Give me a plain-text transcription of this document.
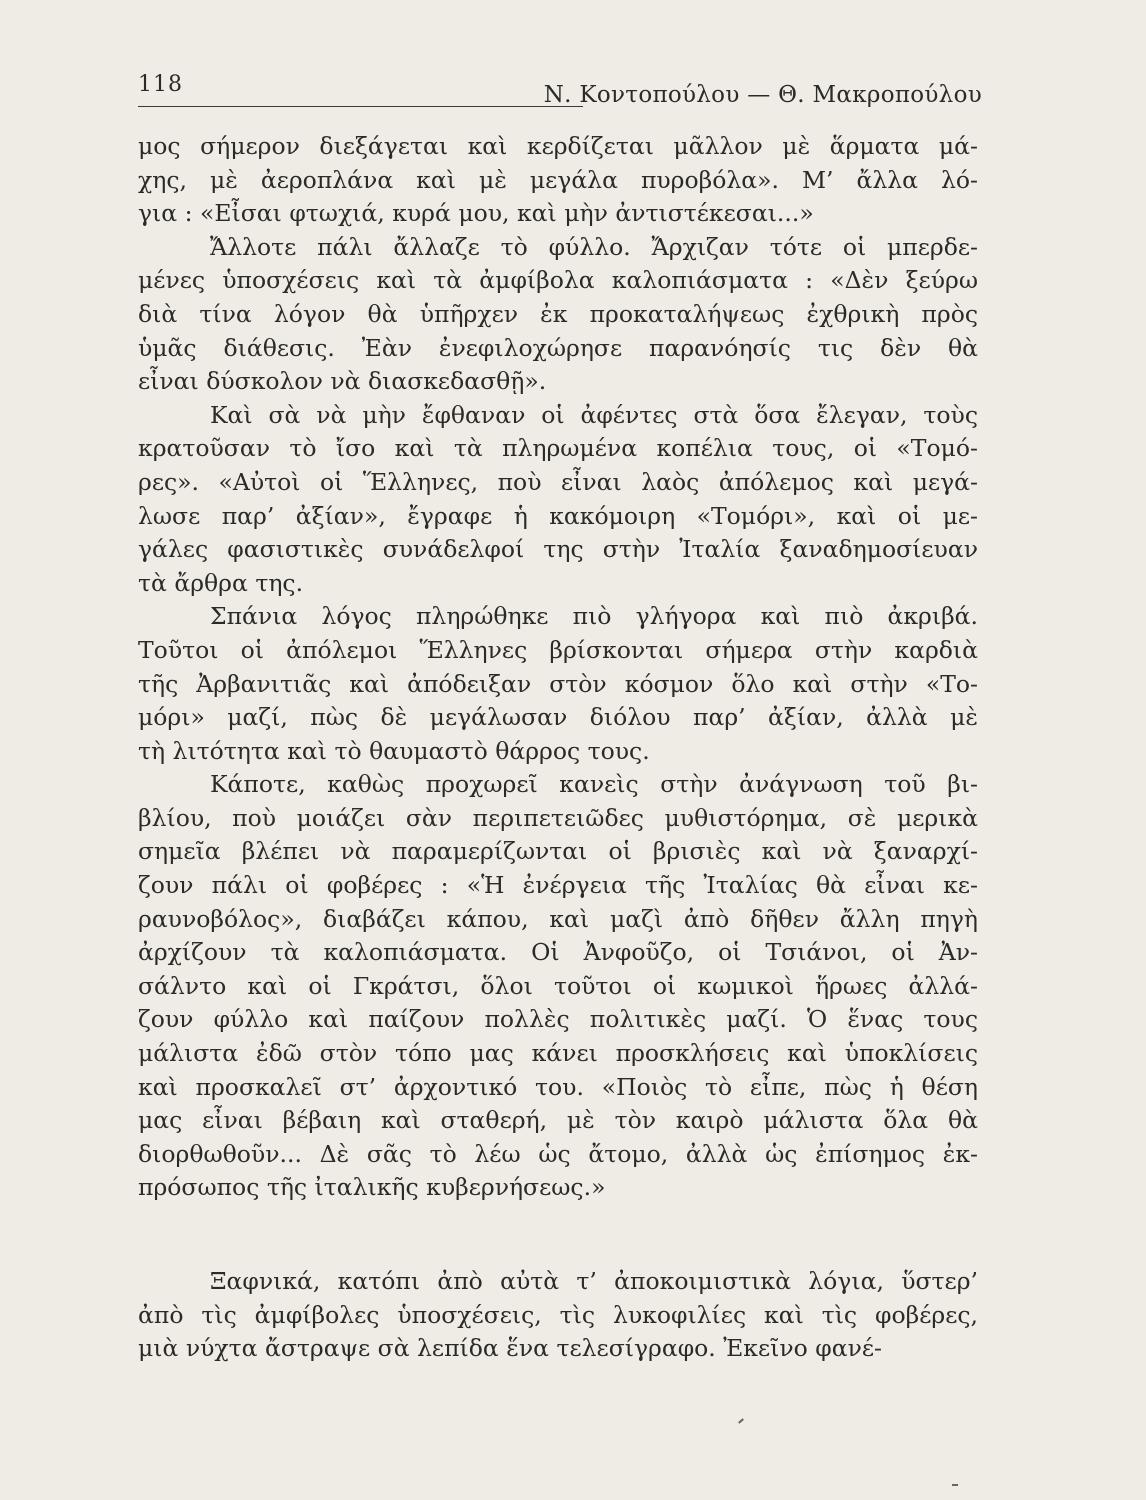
118	Ν. Κοντοπούλου — Θ. Μακροπούλου
μος σήμερον διεξάγεται καὶ κερδίζεται μᾶλλον μὲ ἅρματα μά-
χης, μὲ ἀεροπλάνα καὶ μὲ μεγάλα πυροβόλα». Μ’ ἄλλα λό-
για : «Εἶσαι φτωχιά, κυρά μου, καὶ μὴν ἀντιστέκεσαι...»
Ἄλλοτε πάλι ἄλλαζε τὸ φύλλο. Ἄρχιζαν τότε οἱ μπερδε-
μένες ὑποσχέσεις καὶ τὰ ἀμφίβολα καλοπιάσματα : «Δὲν ξεύρω
διὰ τίνα λόγον θὰ ὑπῆρχεν ἐκ προκαταλήψεως ἐχθρικὴ πρὸς
ὑμᾶς διάθεσις. Ἐὰν ἐνεφιλοχώρησε παρανόησίς τις δὲν θὰ
εἶναι δύσκολον νὰ διασκεδασθῇ».
Καὶ σὰ νὰ μὴν ἔφθαναν οἱ ἀφέντες στὰ ὅσα ἔλεγαν, τοὺς
κρατοῦσαν τὸ ἴσο καὶ τὰ πληρωμένα κοπέλια τους, οἱ «Τομό-
ρες». «Αὐτοὶ οἱ Ἕλληνες, ποὺ εἶναι λαὸς ἀπόλεμος καὶ μεγά-
λωσε παρ’ ἀξίαν», ἔγραφε ἡ κακόμοιρη «Τομόρι», καὶ οἱ με-
γάλες φασιστικὲς συνάδελφοί της στὴν Ἰταλία ξαναδημοσίευαν
τὰ ἄρθρα της.
Σπάνια λόγος πληρώθηκε πιὸ γλήγορα καὶ πιὸ ἀκριβά.
Τοῦτοι οἱ ἀπόλεμοι Ἕλληνες βρίσκονται σήμερα στὴν καρδιὰ
τῆς Ἀρβανιτιᾶς καὶ ἀπόδειξαν στὸν κόσμον ὅλο καὶ στὴν «Το-
μόρι» μαζί, πὼς δὲ μεγάλωσαν διόλου παρ’ ἀξίαν, ἀλλὰ μὲ
τὴ λιτότητα καὶ τὸ θαυμαστὸ θάρρος τους.
Κάποτε, καθὼς προχωρεῖ κανεὶς στὴν ἀνάγνωση τοῦ βι-
βλίου, ποὺ μοιάζει σὰν περιπετειῶδες μυθιστόρημα, σὲ μερικὰ
σημεῖα βλέπει νὰ παραμερίζωνται οἱ βρισιὲς καὶ νὰ ξαναρχί-
ζουν πάλι οἱ φοβέρες : «Ἡ ἐνέργεια τῆς Ἰταλίας θὰ εἶναι κε-
ραυνοβόλος», διαβάζει κάπου, καὶ μαζὶ ἀπὸ δῆθεν ἄλλη πηγὴ
ἀρχίζουν τὰ καλοπιάσματα. Οἱ Ἀνφοῦζο, οἱ Τσιάνοι, οἱ Ἀν-
σάλντο καὶ οἱ Γκράτσι, ὅλοι τοῦτοι οἱ κωμικοὶ ἥρωες ἀλλά-
ζουν φύλλο καὶ παίζουν πολλὲς πολιτικὲς μαζί. Ὁ ἕνας τους
μάλιστα ἐδῶ στὸν τόπο μας κάνει προσκλήσεις καὶ ὑποκλίσεις
καὶ προσκαλεῖ στ’ ἀρχοντικό του. «Ποιὸς τὸ εἶπε, πὼς ἡ θέση
μας εἶναι βέβαιη καὶ σταθερή, μὲ τὸν καιρὸ μάλιστα ὅλα θὰ
διορθωθοῦν... Δὲ σᾶς τὸ λέω ὡς ἄτομο, ἀλλὰ ὡς ἐπίσημος ἐκ-
πρόσωπος τῆς ἰταλικῆς κυβερνήσεως.»
Ξαφνικά, κατόπι ἀπὸ αὐτὰ τ’ ἀποκοιμιστικὰ λόγια, ὕστερ’
ἀπὸ τὶς ἀμφίβολες ὑποσχέσεις, τὶς λυκοφιλίες καὶ τὶς φοβέρες,
μιὰ νύχτα ἄστραψε σὰ λεπίδα ἕνα τελεσίγραφο. Ἐκεῖνο φανέ-
